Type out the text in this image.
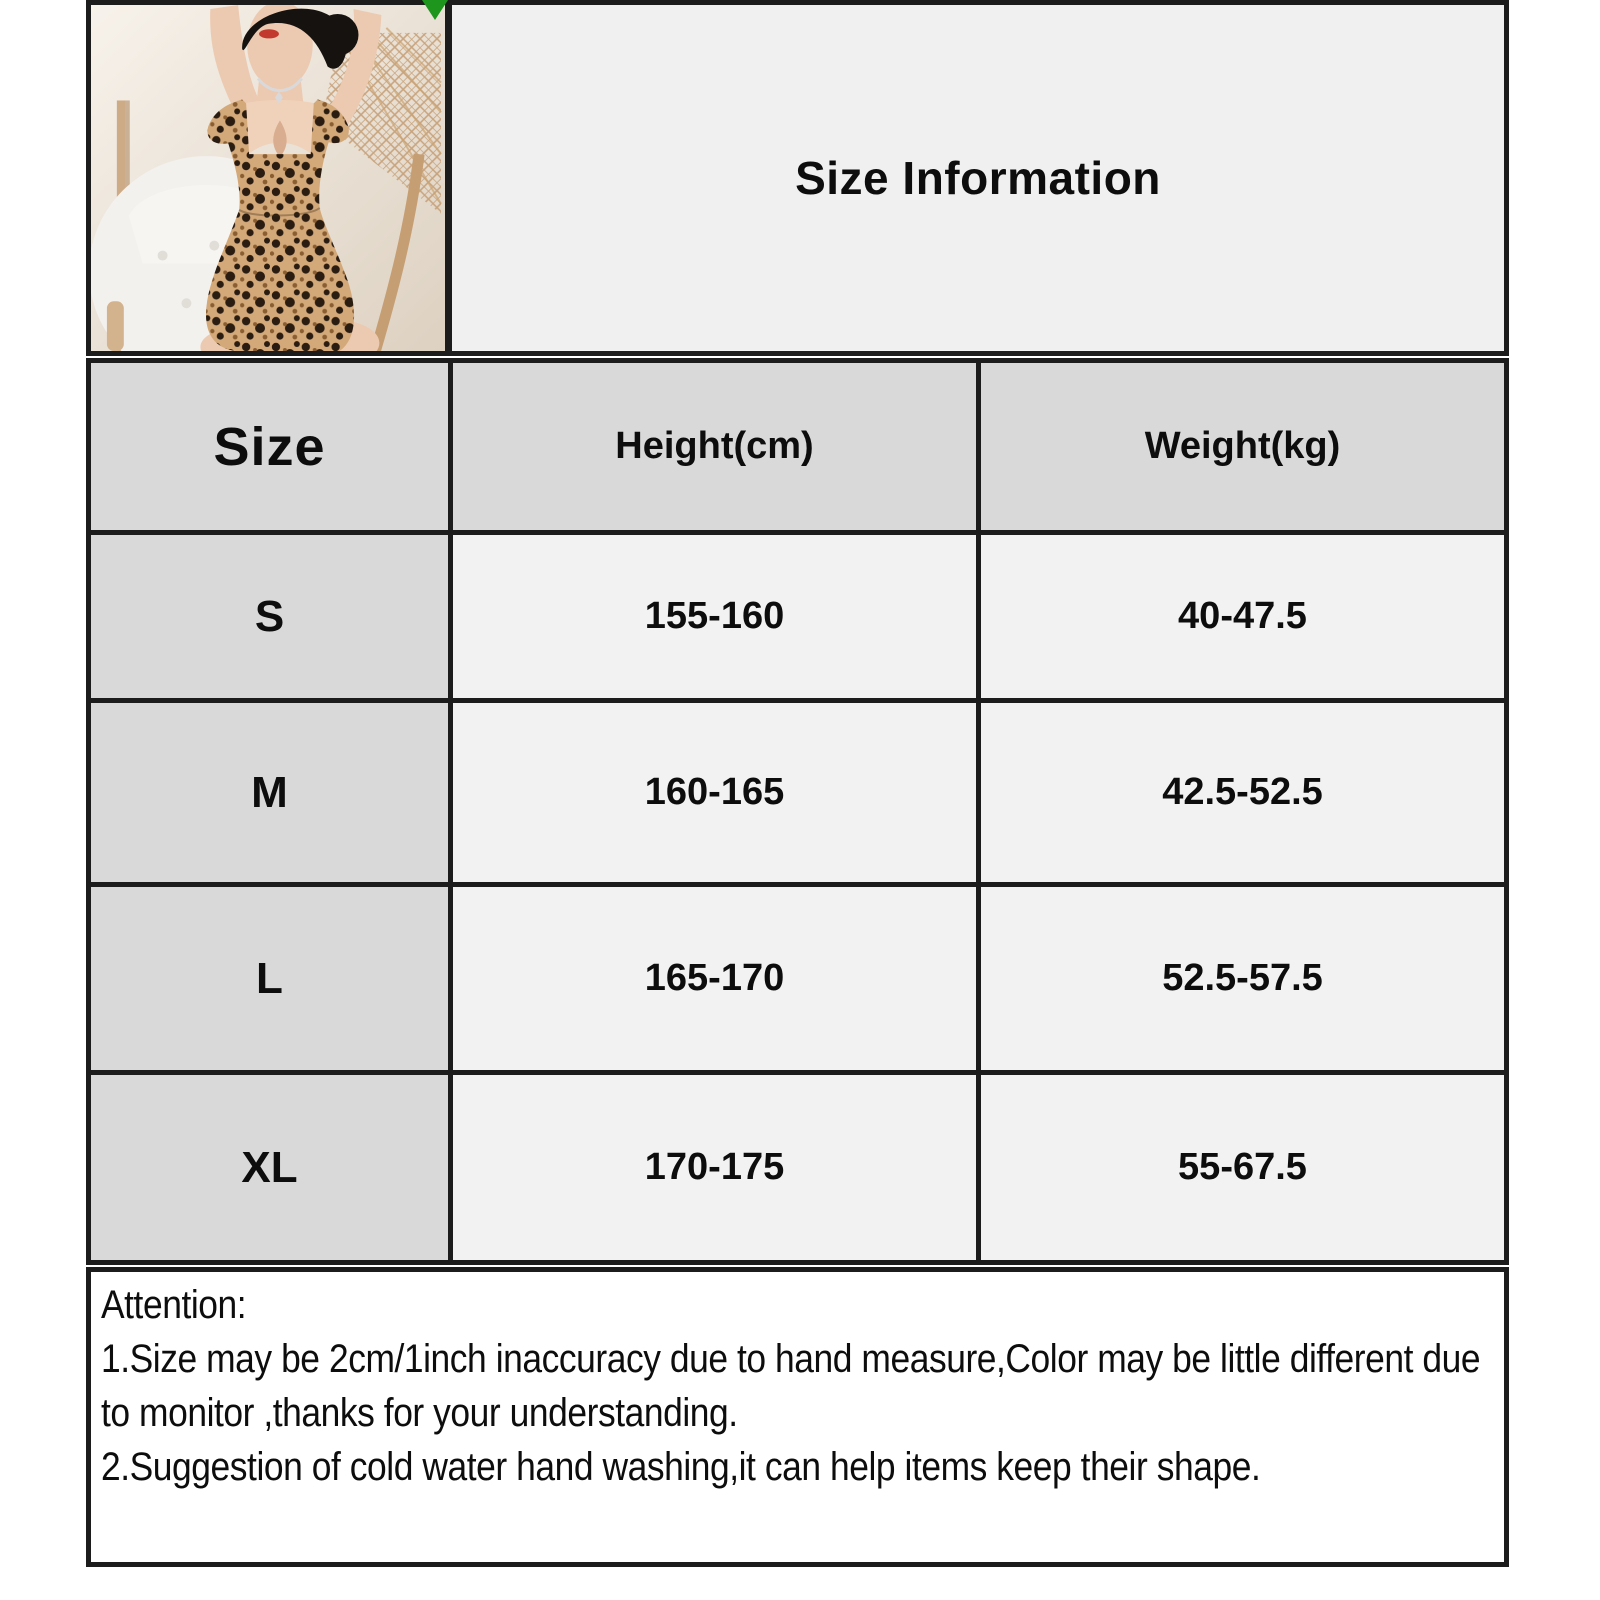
Size Information
Size	Height(cm)	Weight(kg)
S	155-160	40-47.5
M	160-165	42.5-52.5
L	165-170	52.5-57.5
XL	170-175	55-67.5
Attention:
1.Size may be 2cm/1inch inaccuracy due to hand measure,Color may be little different due to monitor ,thanks for your understanding.
2.Suggestion of cold water hand washing,it can help items keep their shape.
